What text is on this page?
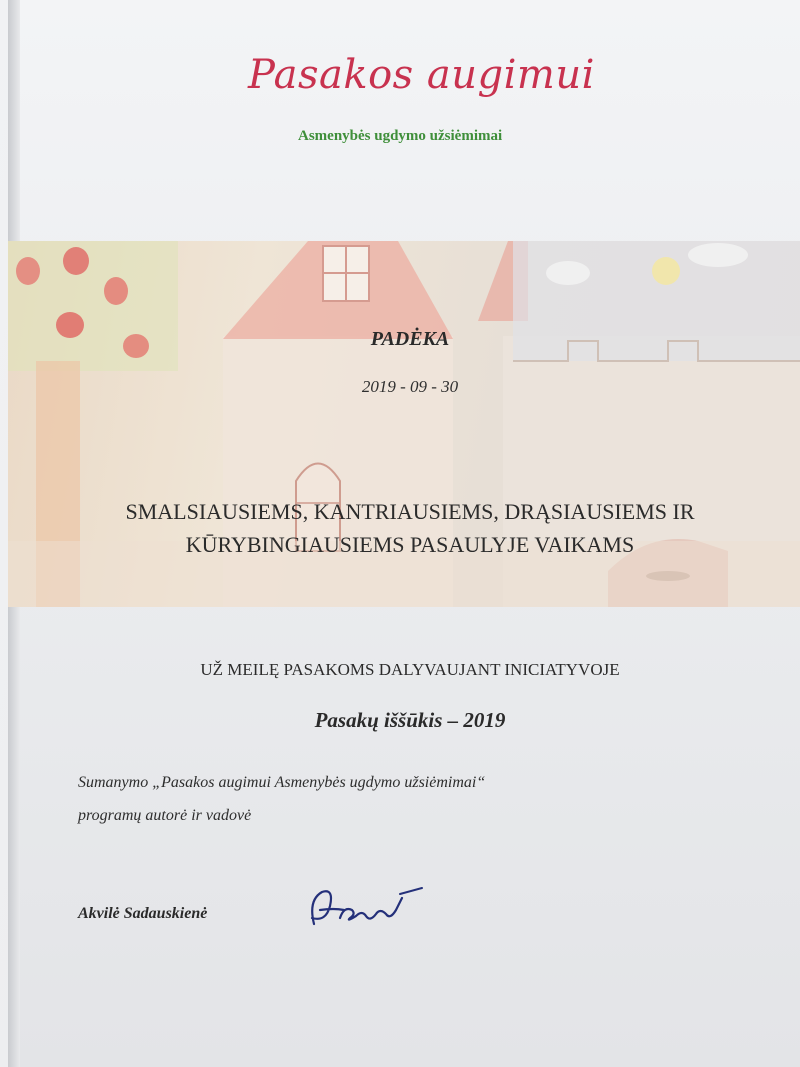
Pasakos augimui
Asmenybės ugdymo užsiėmimai
PADĖKA
2019 - 09 - 30
SMALSIAUSIEMS, KANTRIAUSIEMS, DRĄSIAUSIEMS IR
KŪRYBINGIAUSIEMS PASAULYJE VAIKAMS
UŽ MEILĘ PASAKOMS DALYVAUJANT INICIATYVOJE
Pasakų iššūkis – 2019
Sumanymo „Pasakos augimui Asmenybės ugdymo užsiėmimai“
programų autorė ir vadovė
Akvilė Sadauskienė
